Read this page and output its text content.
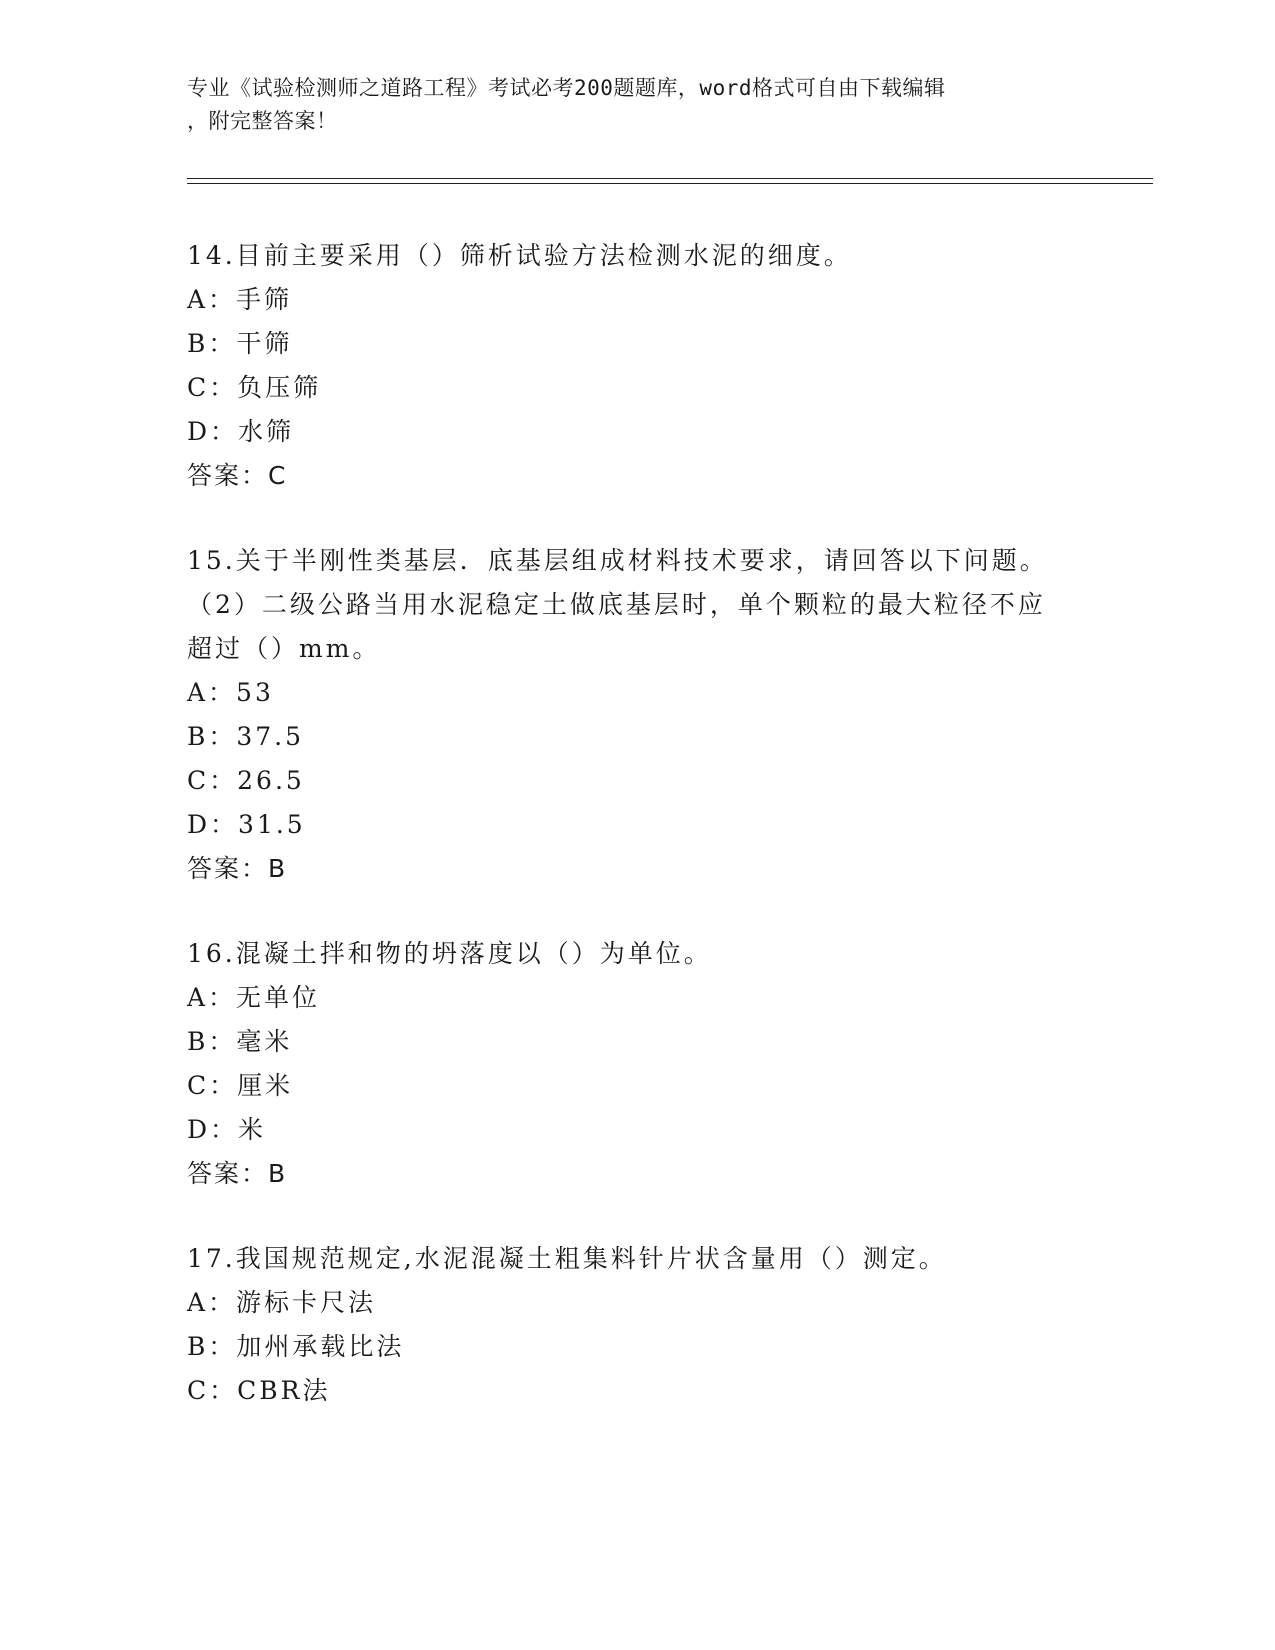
专业《试验检测师之道路工程》考试必考200题题库，word格式可自由下载编辑
，附完整答案！
14.目前主要采用（）筛析试验方法检测水泥的细度。
A：手筛
B：干筛
C：负压筛
D：水筛
答案：C
15.关于半刚性类基层．底基层组成材料技术要求，请回答以下问题。
（2）二级公路当用水泥稳定土做底基层时，单个颗粒的最大粒径不应
超过（）mm。
A：53
B：37.5
C：26.5
D：31.5
答案：B
16.混凝土拌和物的坍落度以（）为单位。
A：无单位
B：毫米
C：厘米
D：米
答案：B
17.我国规范规定,水泥混凝土粗集料针片状含量用（）测定。
A：游标卡尺法
B：加州承载比法
C：CBR法
